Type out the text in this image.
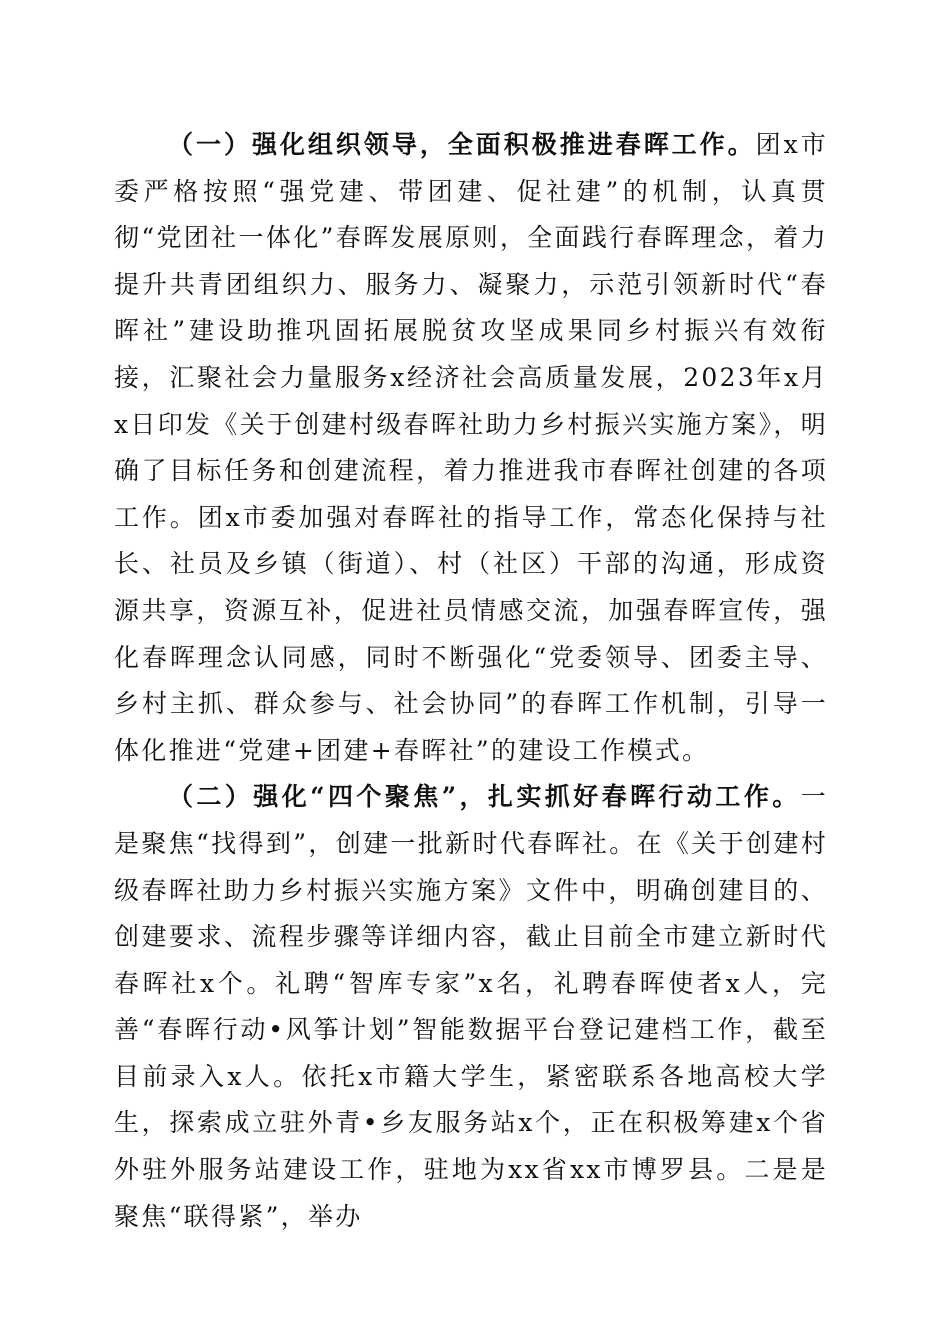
（一）强化组织领导，全面积极推进春晖工作。团x市委严格按照“强党建、带团建、促社建”的机制，认真贯彻“党团社一体化”春晖发展原则，全面践行春晖理念，着力提升共青团组织力、服务力、凝聚力，示范引领新时代“春晖社”建设助推巩固拓展脱贫攻坚成果同乡村振兴有效衔接，汇聚社会力量服务x经济社会高质量发展，2023年x月x日印发《关于创建村级春晖社助力乡村振兴实施方案》，明确了目标任务和创建流程，着力推进我市春晖社创建的各项工作。团x市委加强对春晖社的指导工作，常态化保持与社长、社员及乡镇（街道）、村（社区）干部的沟通，形成资源共享，资源互补，促进社员情感交流，加强春晖宣传，强化春晖理念认同感，同时不断强化“党委领导、团委主导、乡村主抓、群众参与、社会协同”的春晖工作机制，引导一体化推进“党建+团建+春晖社”的建设工作模式。

（二）强化“四个聚焦”，扎实抓好春晖行动工作。一是聚焦“找得到”，创建一批新时代春晖社。在《关于创建村级春晖社助力乡村振兴实施方案》文件中，明确创建目的、创建要求、流程步骤等详细内容，截止目前全市建立新时代春晖社x个。礼聘“智库专家”x名，礼聘春晖使者x人，完善“春晖行动•风筝计划”智能数据平台登记建档工作，截至目前录入x人。依托x市籍大学生，紧密联系各地高校大学生，探索成立驻外青•乡友服务站x个，正在积极筹建x个省外驻外服务站建设工作，驻地为xx省xx市博罗县。二是是聚焦“联得紧”，举办
